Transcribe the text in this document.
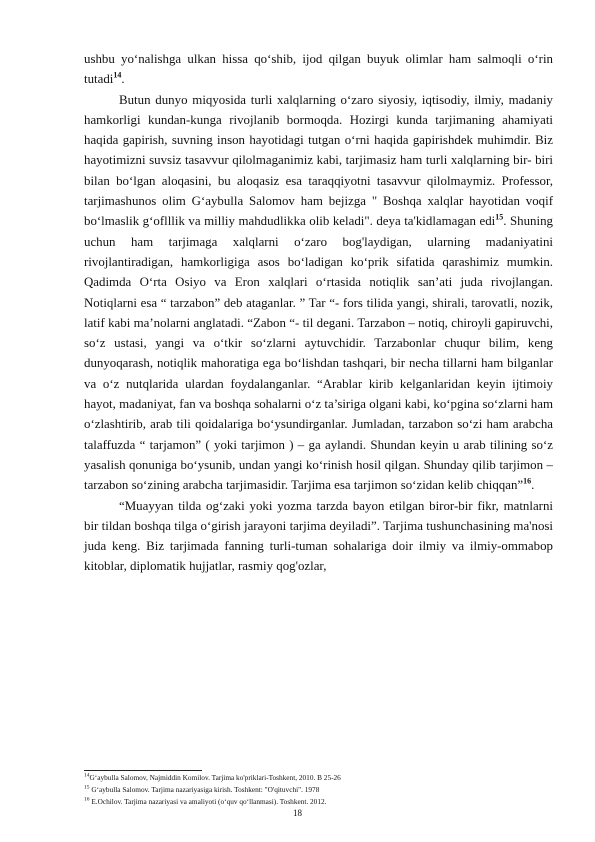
ushbu yo‘nalishga ulkan hissa qo‘shib, ijod qilgan buyuk olimlar ham salmoqli o‘rin tutadi$^{14}$.

Butun dunyo miqyosida turli xalqlarning o‘zaro siyosiy, iqtisodiy, ilmiy, madaniy hamkorligi kundan-kunga rivojlanib bormoqda. Hozirgi kunda tarjimaning ahamiyati haqida gapirish, suvning inson hayotidagi tutgan o‘rni haqida gapirishdek muhimdir. Biz hayotimizni suvsiz tasavvur qilolmaganimiz kabi, tarjimasiz ham turli xalqlarning bir- biri bilan bo‘lgan aloqasini, bu aloqasiz esa taraqqiyotni tasavvur qilolmaymiz. Professor, tarjimashunos olim G‘aybulla Salomov ham bejizga " Boshqa xalqlar hayotidan voqif bo‘lmaslik g‘oflllik va milliy mahdudlikka olib keladi". deya ta'kidlamagan edi$^{15}$. Shuning uchun ham tarjimaga xalqlarni o‘zaro bog'laydigan, ularning madaniyatini rivojlantiradigan, hamkorligiga asos bo‘ladigan ko‘prik sifatida qarashimiz mumkin. Qadimda O‘rta Osiyo va Eron xalqlari o‘rtasida notiqlik san’ati juda rivojlangan. Notiqlarni esa “ tarzabon” deb ataganlar. ” Tar “- fors tilida yangi, shirali, tarovatli, nozik, latif kabi ma’nolarni anglatadi. “Zabon “- til degani. Tarzabon – notiq, chiroyli gapiruvchi, so‘z ustasi, yangi va o‘tkir so‘zlarni aytuvchidir. Tarzabonlar chuqur bilim, keng dunyoqarash, notiqlik mahoratiga ega bo‘lishdan tashqari, bir necha tillarni ham bilganlar va o‘z nutqlarida ulardan foydalanganlar. “Arablar kirib kelganlaridan keyin ijtimoiy hayot, madaniyat, fan va boshqa sohalarni o‘z ta’siriga olgani kabi, ko‘pgina so‘zlarni ham o‘zlashtirib, arab tili qoidalariga bo‘ysundirganlar. Jumladan, tarzabon so‘zi ham arabcha talaffuzda “ tarjamon” ( yoki tarjimon ) – ga aylandi. Shundan keyin u arab tilining so‘z yasalish qonuniga bo‘ysunib, undan yangi ko‘rinish hosil qilgan. Shunday qilib tarjimon – tarzabon so‘zining arabcha tarjimasidir. Tarjima esa tarjimon so‘zidan kelib chiqqan”$^{16}$.

“Muayyan tilda og‘zaki yoki yozma tarzda bayon etilgan biror-bir fikr, matnlarni bir tildan boshqa tilga o‘girish jarayoni tarjima deyiladi”. Tarjima tushunchasining ma'nosi juda keng. Biz tarjimada fanning turli-tuman sohalariga doir ilmiy va ilmiy-ommabop kitoblar, diplomatik hujjatlar, rasmiy qog'ozlar,

$^{14}$G‘aybulla Salomov, Najmiddin Komilov. Tarjima ko'priklari-Toshkent, 2010. B 25-26

$^{15}$ G‘aybulla Salomov. Tarjima nazariyasiga kirish. Toshkent: "O'qituvchi". 1978

$^{16}$ E.Ochilov. Tarjima nazariyasi va amaliyoti (o‘quv qo‘llanmasi). Toshkent. 2012.

18
